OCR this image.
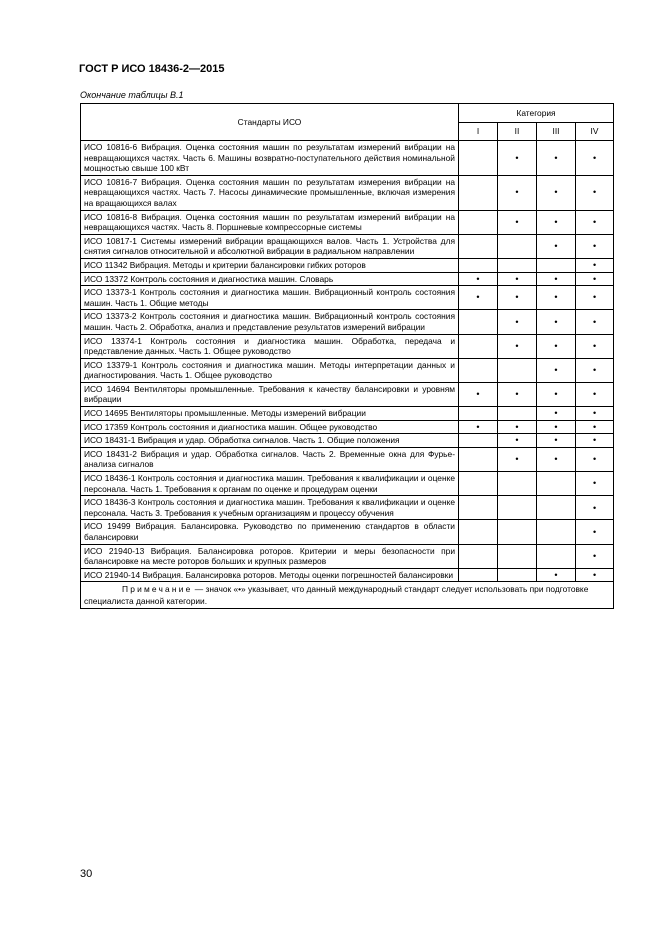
ГОСТ Р ИСО 18436-2—2015
Окончание таблицы В.1
Стандарты ИСО	Категория			
	I	II	III	IV
ИСО 10816-6 Вибрация. Оценка состояния машин по результатам измерений вибрации на невращающихся частях. Часть 6. Машины возвратно-поступательного действия номинальной мощностью свыше 100 кВт		•	•	•
ИСО 10816-7 Вибрация. Оценка состояния машин по результатам измерения вибрации на невращающихся частях. Часть 7. Насосы динамические промышленные, включая измерения на вращающихся валах		•	•	•
ИСО 10816-8 Вибрация. Оценка состояния машин по результатам измерений вибрации на невращающихся частях. Часть 8. Поршневые компрессорные системы		•	•	•
ИСО 10817-1 Системы измерений вибрации вращающихся валов. Часть 1. Устройства для снятия сигналов относительной и абсолютной вибрации в радиальном направлении			•	•
ИСО 11342 Вибрация. Методы и критерии балансировки гибких роторов				•
ИСО 13372 Контроль состояния и диагностика машин. Словарь	•	•	•	•
ИСО 13373-1 Контроль состояния и диагностика машин. Вибрационный контроль состояния машин. Часть 1. Общие методы	•	•	•	•
ИСО 13373-2 Контроль состояния и диагностика машин. Вибрационный контроль состояния машин. Часть 2. Обработка, анализ и представление результатов измерений вибрации		•	•	•
ИСО 13374-1 Контроль состояния и диагностика машин. Обработка, передача и представление данных. Часть 1. Общее руководство		•	•	•
ИСО 13379-1 Контроль состояния и диагностика машин. Методы интерпретации данных и диагностирования. Часть 1. Общее руководство			•	•
ИСО 14694 Вентиляторы промышленные. Требования к качеству балансировки и уровням вибрации	•	•	•	•
ИСО 14695 Вентиляторы промышленные. Методы измерений вибрации			•	•
ИСО 17359 Контроль состояния и диагностика машин. Общее руководство	•	•	•	•
ИСО 18431-1 Вибрация и удар. Обработка сигналов. Часть 1. Общие положения		•	•	•
ИСО 18431-2 Вибрация и удар. Обработка сигналов. Часть 2. Временные окна для Фурье-анализа сигналов		•	•	•
ИСО 18436-1 Контроль состояния и диагностика машин. Требования к квалификации и оценке персонала. Часть 1. Требования к органам по оценке и процедурам оценки				•
ИСО 18436-3 Контроль состояния и диагностика машин. Требования к квалификации и оценке персонала. Часть 3. Требования к учебным организациям и процессу обучения				•
ИСО 19499 Вибрация. Балансировка. Руководство по применению стандартов в области балансировки				•
ИСО 21940-13 Вибрация. Балансировка роторов. Критерии и меры безопасности при балансировке на месте роторов больших и крупных размеров				•
ИСО 21940-14 Вибрация. Балансировка роторов. Методы оценки погрешностей балансировки			•	•
Примечание — значок «•» указывает, что данный международный стандарт следует использовать при подготовке специалиста данной категории.				
30
